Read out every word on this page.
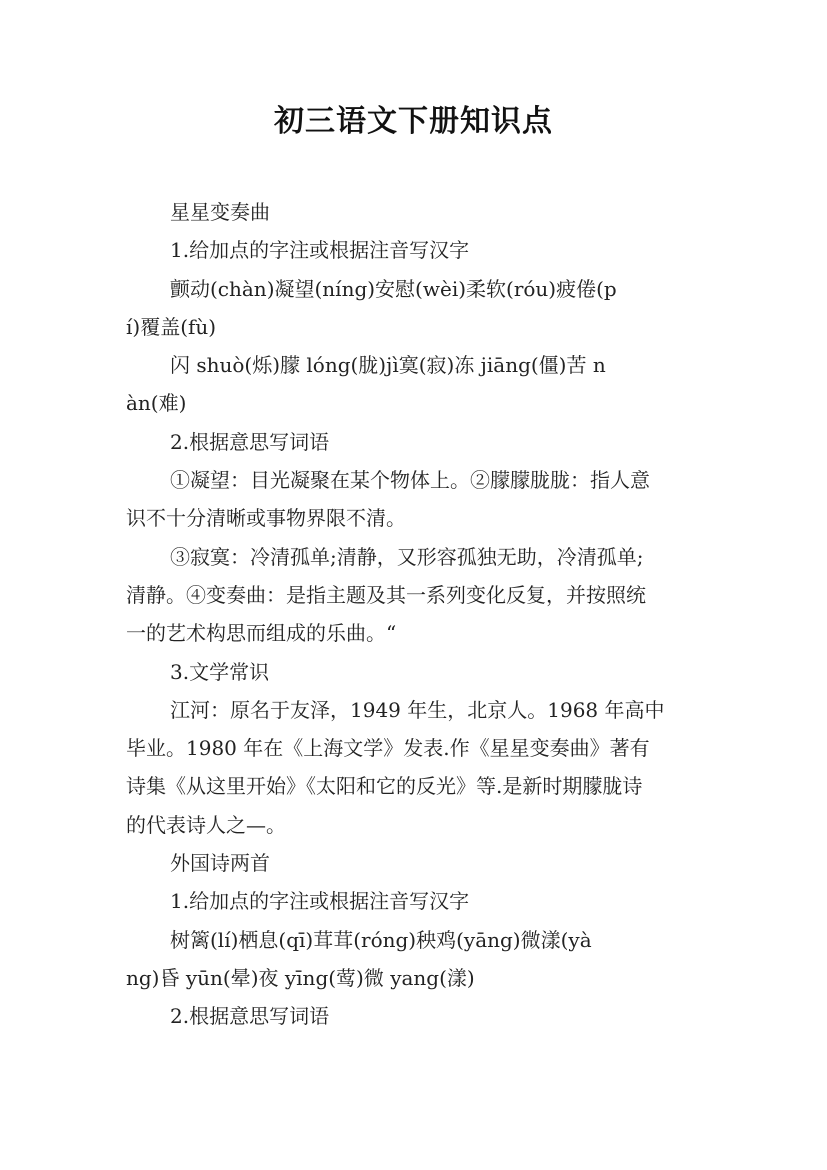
初三语文下册知识点
星星变奏曲
1.给加点的字注或根据注音写汉字
颤动(chàn)凝望(níng)安慰(wèi)柔软(róu)疲倦(p
í)覆盖(fù)
闪 shuò(烁)朦 lóng(胧)jì寞(寂)冻 jiāng(僵)苦 n
àn(难)
2.根据意思写词语
①凝望：目光凝聚在某个物体上。②朦朦胧胧：指人意
识不十分清晰或事物界限不清。
③寂寞：冷清孤单;清静，又形容孤独无助，冷清孤单;
清静。④变奏曲：是指主题及其一系列变化反复，并按照统
一的艺术构思而组成的乐曲。“
3.文学常识
江河：原名于友泽，1949 年生，北京人。1968 年高中
毕业。1980 年在《上海文学》发表.作《星星变奏曲》著有
诗集《从这里开始》《太阳和它的反光》等.是新时期朦胧诗
的代表诗人之—。
外国诗两首
1.给加点的字注或根据注音写汉字
树篱(lí)栖息(qī)茸茸(róng)秧鸡(yāng)微漾(yà
ng)昏 yūn(晕)夜 yīng(莺)微 yang(漾)
2.根据意思写词语
